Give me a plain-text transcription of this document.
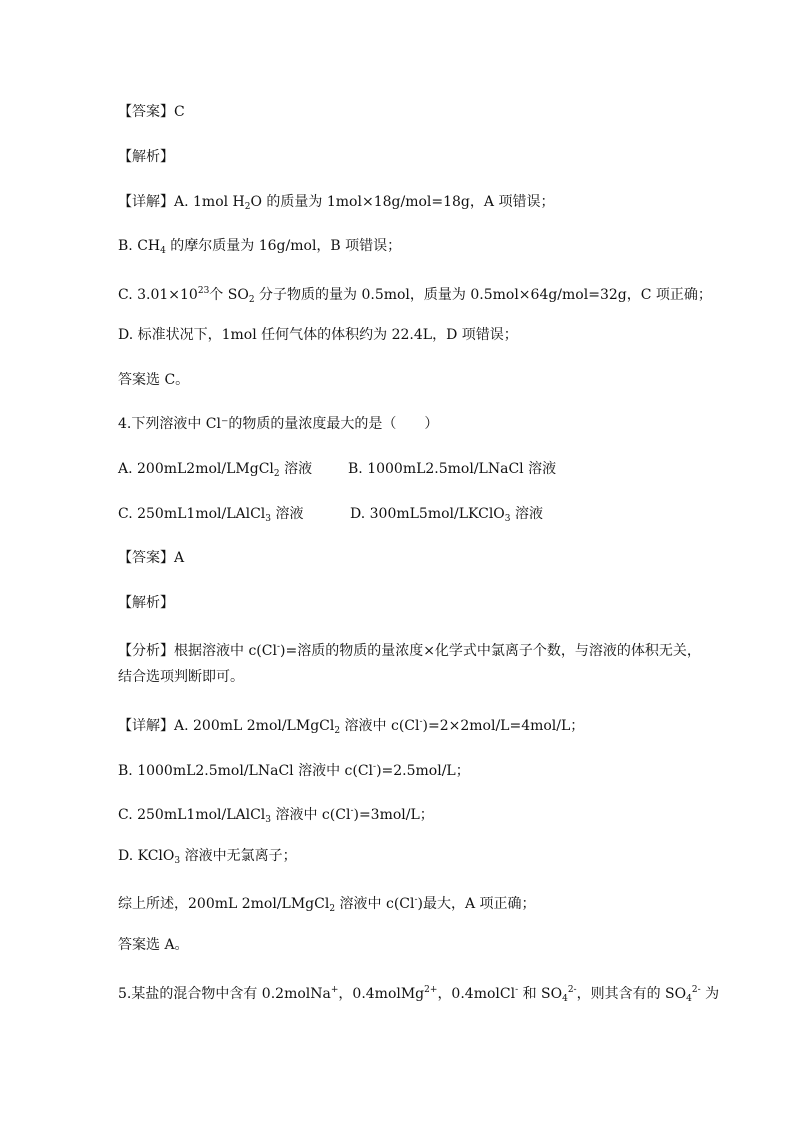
【答案】C
【解析】
【详解】A. 1mol $H_2O$ 的质量为 1mol×18g/mol=18g，A 项错误；
B. $CH_4$ 的摩尔质量为 16g/mol，B 项错误；
C. $3.01\times 10^{23}$个 $SO_2$ 分子物质的量为 0.5mol，质量为 0.5mol×64g/mol=32g，C 项正确；
D. 标准状况下，1mol 任何气体的体积约为 22.4L，D 项错误；
答案选 C。
4.下列溶液中 Cl⁻的物质的量浓度最大的是（　　）
A. 200mL2mol/LMgCl$_2$ 溶液	B. 1000mL2.5mol/LNaCl 溶液
C. 250mL1mol/LAlCl$_3$ 溶液	D. 300mL5mol/LKClO$_3$ 溶液
【答案】A
【解析】
【分析】根据溶液中 c(Cl-)=溶质的物质的量浓度×化学式中氯离子个数，与溶液的体积无关，
结合选项判断即可。
【详解】A. 200mL 2mol/LMgCl$_2$ 溶液中 c(Cl-)=2×2mol/L=4mol/L；
B. 1000mL2.5mol/LNaCl 溶液中 c(Cl-)=2.5mol/L；
C. 250mL1mol/LAlCl$_3$ 溶液中 c(Cl-)=3mol/L；
D. KClO$_3$ 溶液中无氯离子；
综上所述，200mL 2mol/LMgCl$_2$ 溶液中 c(Cl-)最大，A 项正确；
答案选 A。
5.某盐的混合物中含有 0.2molNa+，0.4molMg$^{2+}$，0.4molCl- 和 $SO_4^{2-}$，则其含有的 $SO_4^{2-}$ 为
